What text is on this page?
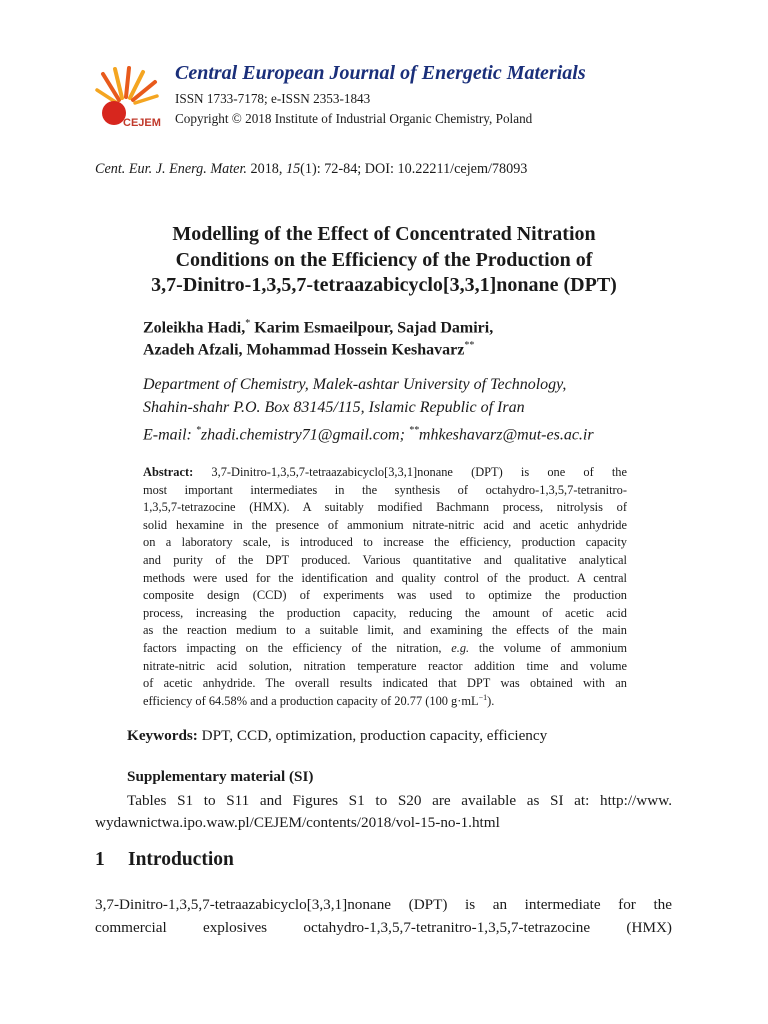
CEJEM
Central European Journal of Energetic Materials
ISSN 1733-7178; e-ISSN 2353-1843
Copyright © 2018 Institute of Industrial Organic Chemistry, Poland
Cent. Eur. J. Energ. Mater. 2018, 15(1): 72-84; DOI: 10.22211/cejem/78093
Modelling of the Effect of Concentrated Nitration
Conditions on the Efficiency of the Production of
3,7-Dinitro-1,3,5,7-tetraazabicyclo[3,3,1]nonane (DPT)
Zoleikha Hadi,* Karim Esmaeilpour, Sajad Damiri,
Azadeh Afzali, Mohammad Hossein Keshavarz**
Department of Chemistry, Malek-ashtar University of Technology,
Shahin-shahr P.O. Box 83145/115, Islamic Republic of Iran
E-mail: *zhadi.chemistry71@gmail.com; **mhkeshavarz@mut-es.ac.ir
Abstract: 3,7-Dinitro-1,3,5,7-tetraazabicyclo[3,3,1]nonane (DPT) is one of the
most important intermediates in the synthesis of octahydro-1,3,5,7-tetranitro-
1,3,5,7-tetrazocine (HMX). A suitably modified Bachmann process, nitrolysis of
solid hexamine in the presence of ammonium nitrate-nitric acid and acetic anhydride
on a laboratory scale, is introduced to increase the efficiency, production capacity
and purity of the DPT produced. Various quantitative and qualitative analytical
methods were used for the identification and quality control of the product. A central
composite design (CCD) of experiments was used to optimize the production
process, increasing the production capacity, reducing the amount of acetic acid
as the reaction medium to a suitable limit, and examining the effects of the main
factors impacting on the efficiency of the nitration, e.g. the volume of ammonium
nitrate-nitric acid solution, nitration temperature reactor addition time and volume
of acetic anhydride. The overall results indicated that DPT was obtained with an
efficiency of 64.58% and a production capacity of 20.77 (100 $g\cdot mL^{-1}$).
Keywords: DPT, CCD, optimization, production capacity, efficiency
Supplementary material (SI)
Tables S1 to S11 and Figures S1 to S20 are available as SI at: http://www.
wydawnictwa.ipo.waw.pl/CEJEM/contents/2018/vol-15-no-1.html
1 Introduction
3,7-Dinitro-1,3,5,7-tetraazabicyclo[3,3,1]nonane (DPT) is an intermediate for the
commercial explosives octahydro-1,3,5,7-tetranitro-1,3,5,7-tetrazocine (HMX)
